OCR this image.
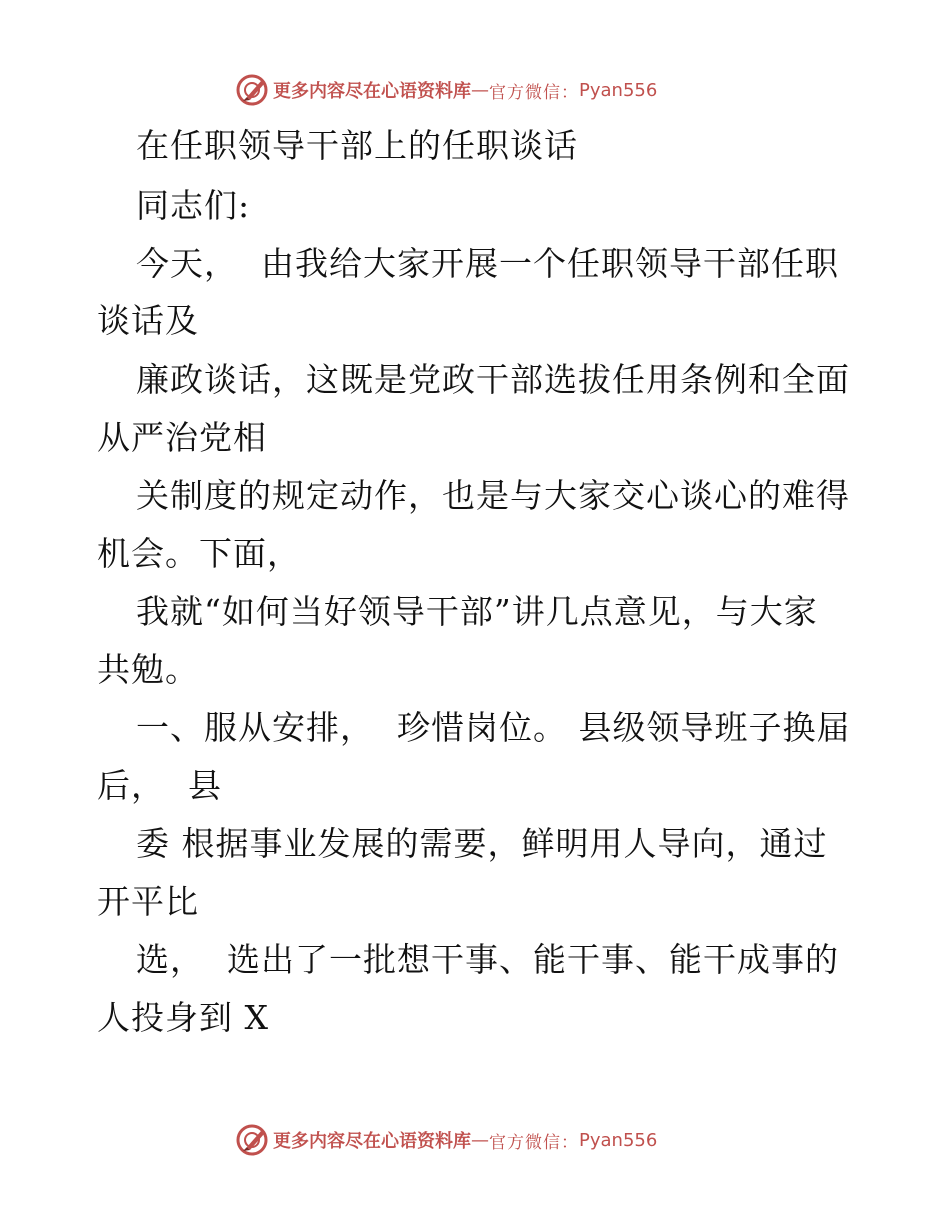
更多内容尽在心语资料库 — 官方微信： Pyan556
在任职领导干部上的任职谈话
同志们:
今天，  由我给大家开展一个任职领导干部任职
谈话及
廉政谈话，这既是党政干部选拔任用条例和全面
从严治党相
关制度的规定动作，也是与大家交心谈心的难得
机会。下面，
我就“如何当好领导干部”讲几点意见，与大家
共勉。
一、服从安排，  珍惜岗位。 县级领导班子换届
后，  县
委 根据事业发展的需要，鲜明用人导向，通过
开平比
选，  选出了一批想干事、能干事、能干成事的
人投身到 X
更多内容尽在心语资料库 — 官方微信： Pyan556
